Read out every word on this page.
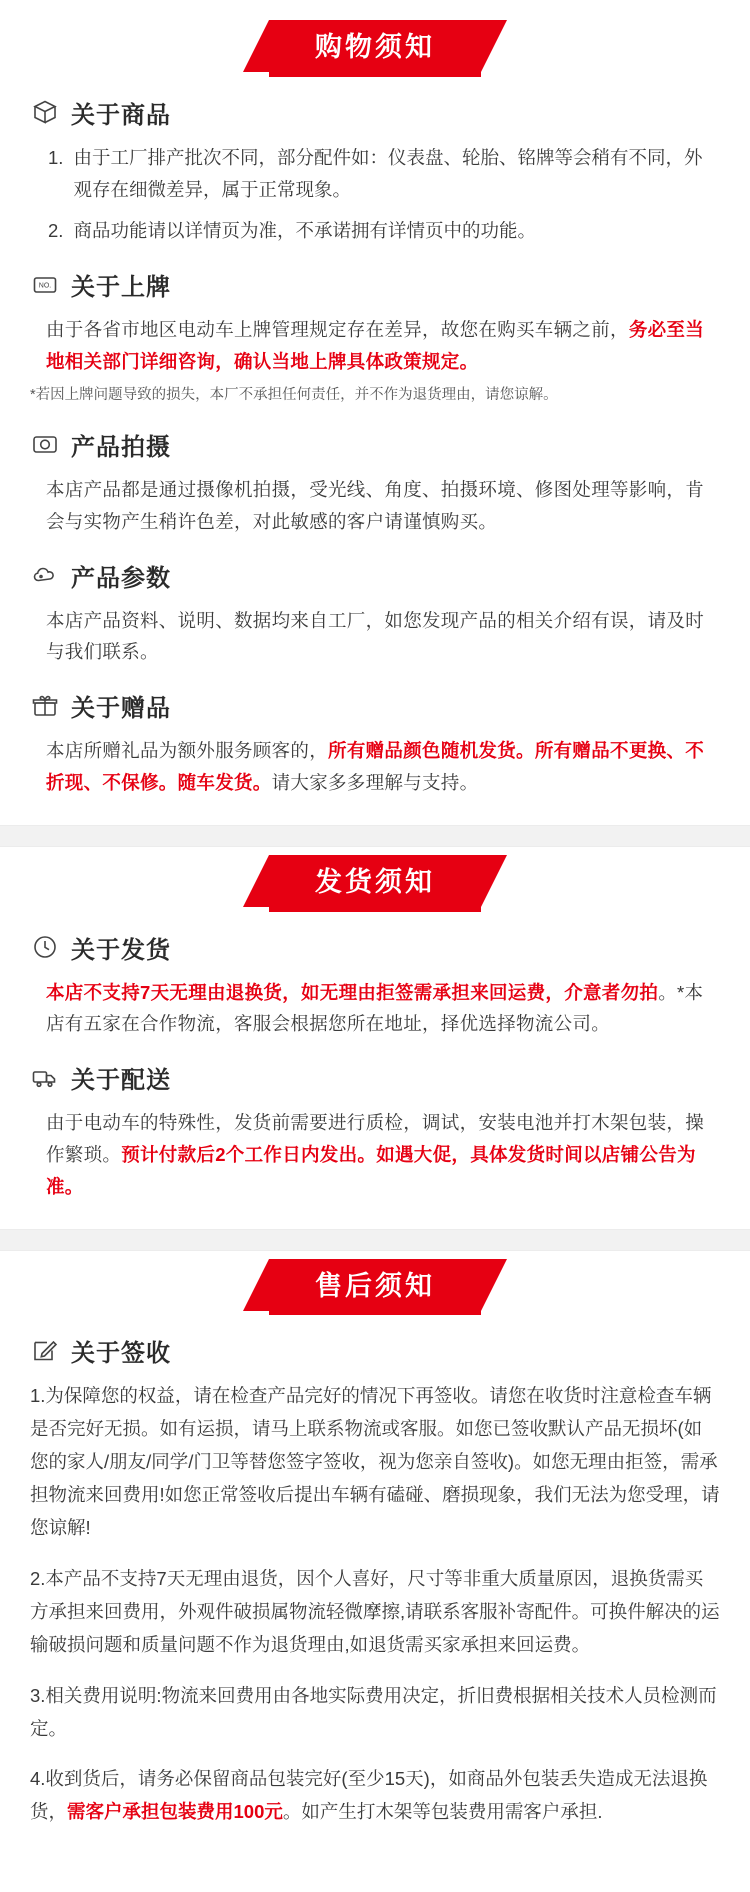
购物须知
关于商品
1. 由于工厂排产批次不同，部分配件如：仪表盘、轮胎、铭牌等会稍有不同，外观存在细微差异，属于正常现象。
2. 商品功能请以详情页为准，不承诺拥有详情页中的功能。
NO. 关于上牌
由于各省市地区电动车上牌管理规定存在差异，故您在购买车辆之前，务必至当地相关部门详细咨询，确认当地上牌具体政策规定。
*若因上牌问题导致的损失，本厂不承担任何责任，并不作为退货理由，请您谅解。
产品拍摄
本店产品都是通过摄像机拍摄，受光线、角度、拍摄环境、修图处理等影响，肯会与实物产生稍许色差，对此敏感的客户请谨慎购买。
产品参数
本店产品资料、说明、数据均来自工厂，如您发现产品的相关介绍有误，请及时与我们联系。
关于赠品
本店所赠礼品为额外服务顾客的，所有赠品颜色随机发货。所有赠品不更换、不折现、不保修。随车发货。请大家多多理解与支持。
发货须知
关于发货
本店不支持7天无理由退换货，如无理由拒签需承担来回运费，介意者勿拍。*本店有五家在合作物流，客服会根据您所在地址，择优选择物流公司。
关于配送
由于电动车的特殊性，发货前需要进行质检，调试，安装电池并打木架包装，操作繁琐。预计付款后2个工作日内发出。如遇大促，具体发货时间以店铺公告为准。
售后须知
关于签收
1.为保障您的权益，请在检查产品完好的情况下再签收。请您在收货时注意检查车辆是否完好无损。如有运损，请马上联系物流或客服。如您已签收默认产品无损坏(如您的家人/朋友/同学/门卫等替您签字签收，视为您亲自签收)。如您无理由拒签，需承担物流来回费用!如您正常签收后提出车辆有磕碰、磨损现象，我们无法为您受理，请您谅解!
2.本产品不支持7天无理由退货，因个人喜好，尺寸等非重大质量原因，退换货需买方承担来回费用，外观件破损属物流轻微摩擦,请联系客服补寄配件。可换件解决的运输破损问题和质量问题不作为退货理由,如退货需买家承担来回运费。
3.相关费用说明:物流来回费用由各地实际费用决定，折旧费根据相关技术人员检测而定。
4.收到货后，请务必保留商品包装完好(至少15天)，如商品外包装丢失造成无法退换货，需客户承担包装费用100元。如产生打木架等包装费用需客户承担.
